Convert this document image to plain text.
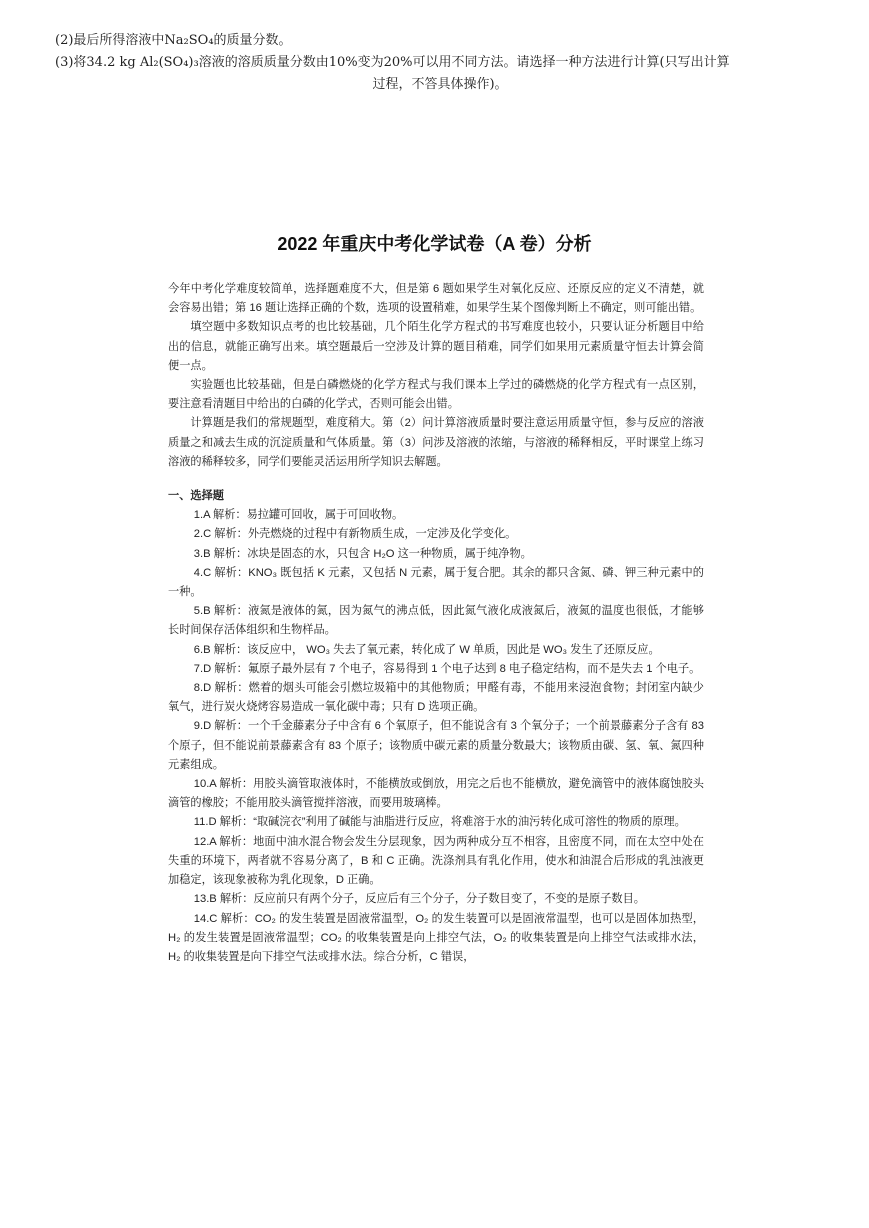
(2)最后所得溶液中Na₂SO₄的质量分数。

(3)将34.2 kg Al₂(SO₄)₃溶液的溶质质量分数由10%变为20%可以用不同方法。请选择一种方法进行计算(只写出计算

过程，不答具体操作)。

2022 年重庆中考化学试卷（A 卷）分析

今年中考化学难度较简单，选择题难度不大，但是第 6 题如果学生对氧化反应、还原反应的定义不清楚，就会容易出错；第 16 题让选择正确的个数，选项的设置稍难，如果学生某个图像判断上不确定，则可能出错。

填空题中多数知识点考的也比较基础，几个陌生化学方程式的书写难度也较小，只要认证分析题目中给出的信息，就能正确写出来。填空题最后一空涉及计算的题目稍难，同学们如果用元素质量守恒去计算会简便一点。

实验题也比较基础，但是白磷燃烧的化学方程式与我们课本上学过的磷燃烧的化学方程式有一点区别，要注意看清题目中给出的白磷的化学式，否则可能会出错。

计算题是我们的常规题型，难度稍大。第（2）问计算溶液质量时要注意运用质量守恒，参与反应的溶液质量之和减去生成的沉淀质量和气体质量。第（3）问涉及溶液的浓缩，与溶液的稀释相反，平时课堂上练习溶液的稀释较多，同学们要能灵活运用所学知识去解题。

一、选择题

1.A 解析：易拉罐可回收，属于可回收物。

2.C 解析：外壳燃烧的过程中有新物质生成，一定涉及化学变化。

3.B 解析：冰块是固态的水，只包含 H₂O 这一种物质，属于纯净物。

4.C 解析：KNO₃ 既包括 K 元素，又包括 N 元素，属于复合肥。其余的都只含氮、磷、钾三种元素中的一种。

5.B 解析：液氮是液体的氮，因为氮气的沸点低，因此氮气液化成液氮后，液氮的温度也很低，才能够长时间保存活体组织和生物样品。

6.B 解析：该反应中， WO₃ 失去了氧元素，转化成了 W 单质，因此是 WO₃ 发生了还原反应。

7.D 解析：氟原子最外层有 7 个电子，容易得到 1 个电子达到 8 电子稳定结构，而不是失去 1 个电子。

8.D 解析：燃着的烟头可能会引燃垃圾箱中的其他物质；甲醛有毒，不能用来浸泡食物；封闭室内缺少氧气，进行炭火烧烤容易造成一氧化碳中毒；只有 D 选项正确。

9.D 解析：一个千金藤素分子中含有 6 个氧原子，但不能说含有 3 个氧分子；一个前景藤素分子含有 83 个原子，但不能说前景藤素含有 83 个原子；该物质中碳元素的质量分数最大；该物质由碳、氢、氧、氮四种元素组成。

10.A 解析：用胶头滴管取液体时，不能横放或倒放，用完之后也不能横放，避免滴管中的液体腐蚀胶头滴管的橡胶；不能用胶头滴管搅拌溶液，而要用玻璃棒。

11.D 解析：“取碱浣衣”利用了碱能与油脂进行反应，将难溶于水的油污转化成可溶性的物质的原理。

12.A 解析：地面中油水混合物会发生分层现象，因为两种成分互不相容，且密度不同，而在太空中处在失重的环境下，两者就不容易分离了，B 和 C 正确。洗涤剂具有乳化作用，使水和油混合后形成的乳浊液更加稳定，该现象被称为乳化现象，D 正确。

13.B 解析：反应前只有两个分子，反应后有三个分子，分子数目变了，不变的是原子数目。

14.C 解析：CO₂ 的发生装置是固液常温型，O₂ 的发生装置可以是固液常温型，也可以是固体加热型，H₂ 的发生装置是固液常温型；CO₂ 的收集装置是向上排空气法，O₂ 的收集装置是向上排空气法或排水法，H₂ 的收集装置是向下排空气法或排水法。综合分析，C 错误，
